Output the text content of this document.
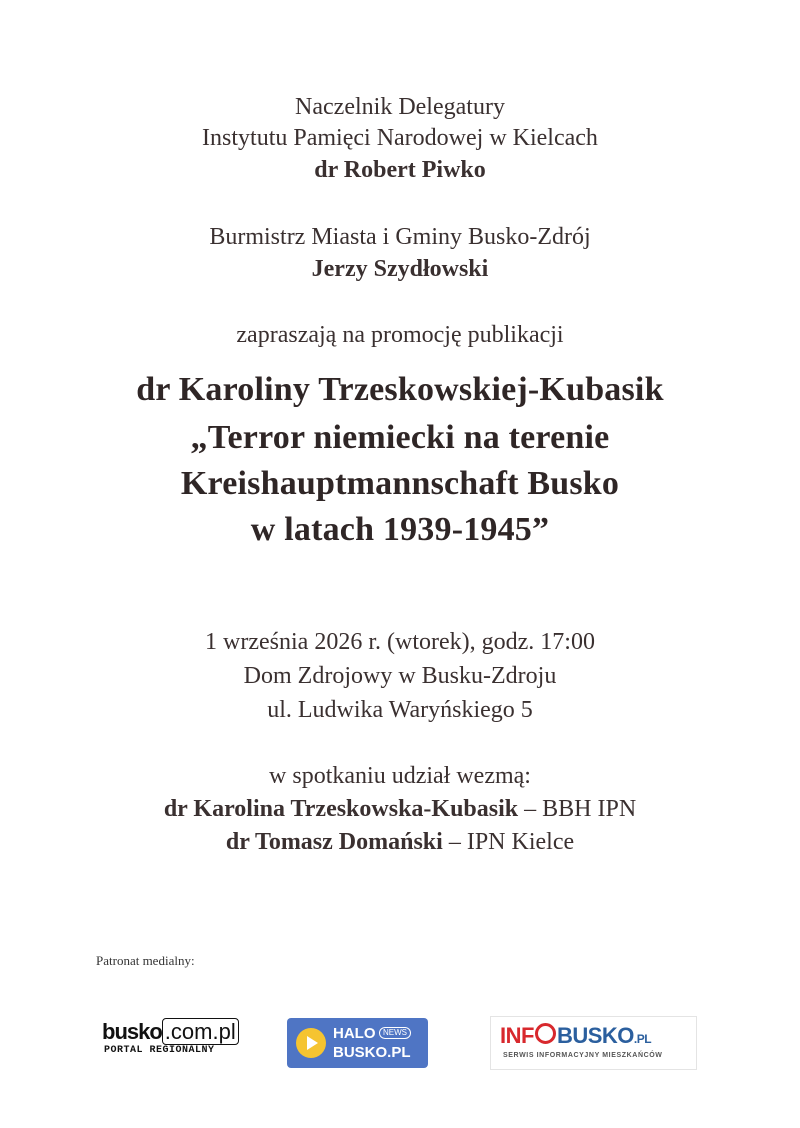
Naczelnik Delegatury
Instytutu Pamięci Narodowej w Kielcach
dr Robert Piwko
Burmistrz Miasta i Gminy Busko-Zdrój
Jerzy Szydłowski
zapraszają na promocję publikacji
dr Karoliny Trzeskowskiej-Kubasik
„Terror niemiecki na terenie
Kreishauptmannschaft Busko
w latach 1939-1945”
1 września 2026 r. (wtorek), godz. 17:00
Dom Zdrojowy w Busku-Zdroju
ul. Ludwika Waryńskiego 5
w spotkaniu udział wezmą:
dr Karolina Trzeskowska-Kubasik – BBH IPN
dr Tomasz Domański – IPN Kielce
Patronat medialny:
busko .com.pl
PORTAL REGIONALNY
HALO NEWS
BUSKO.PL
INF BUSKO.PL
SERWIS INFORMACYJNY MIESZKAŃCÓW
